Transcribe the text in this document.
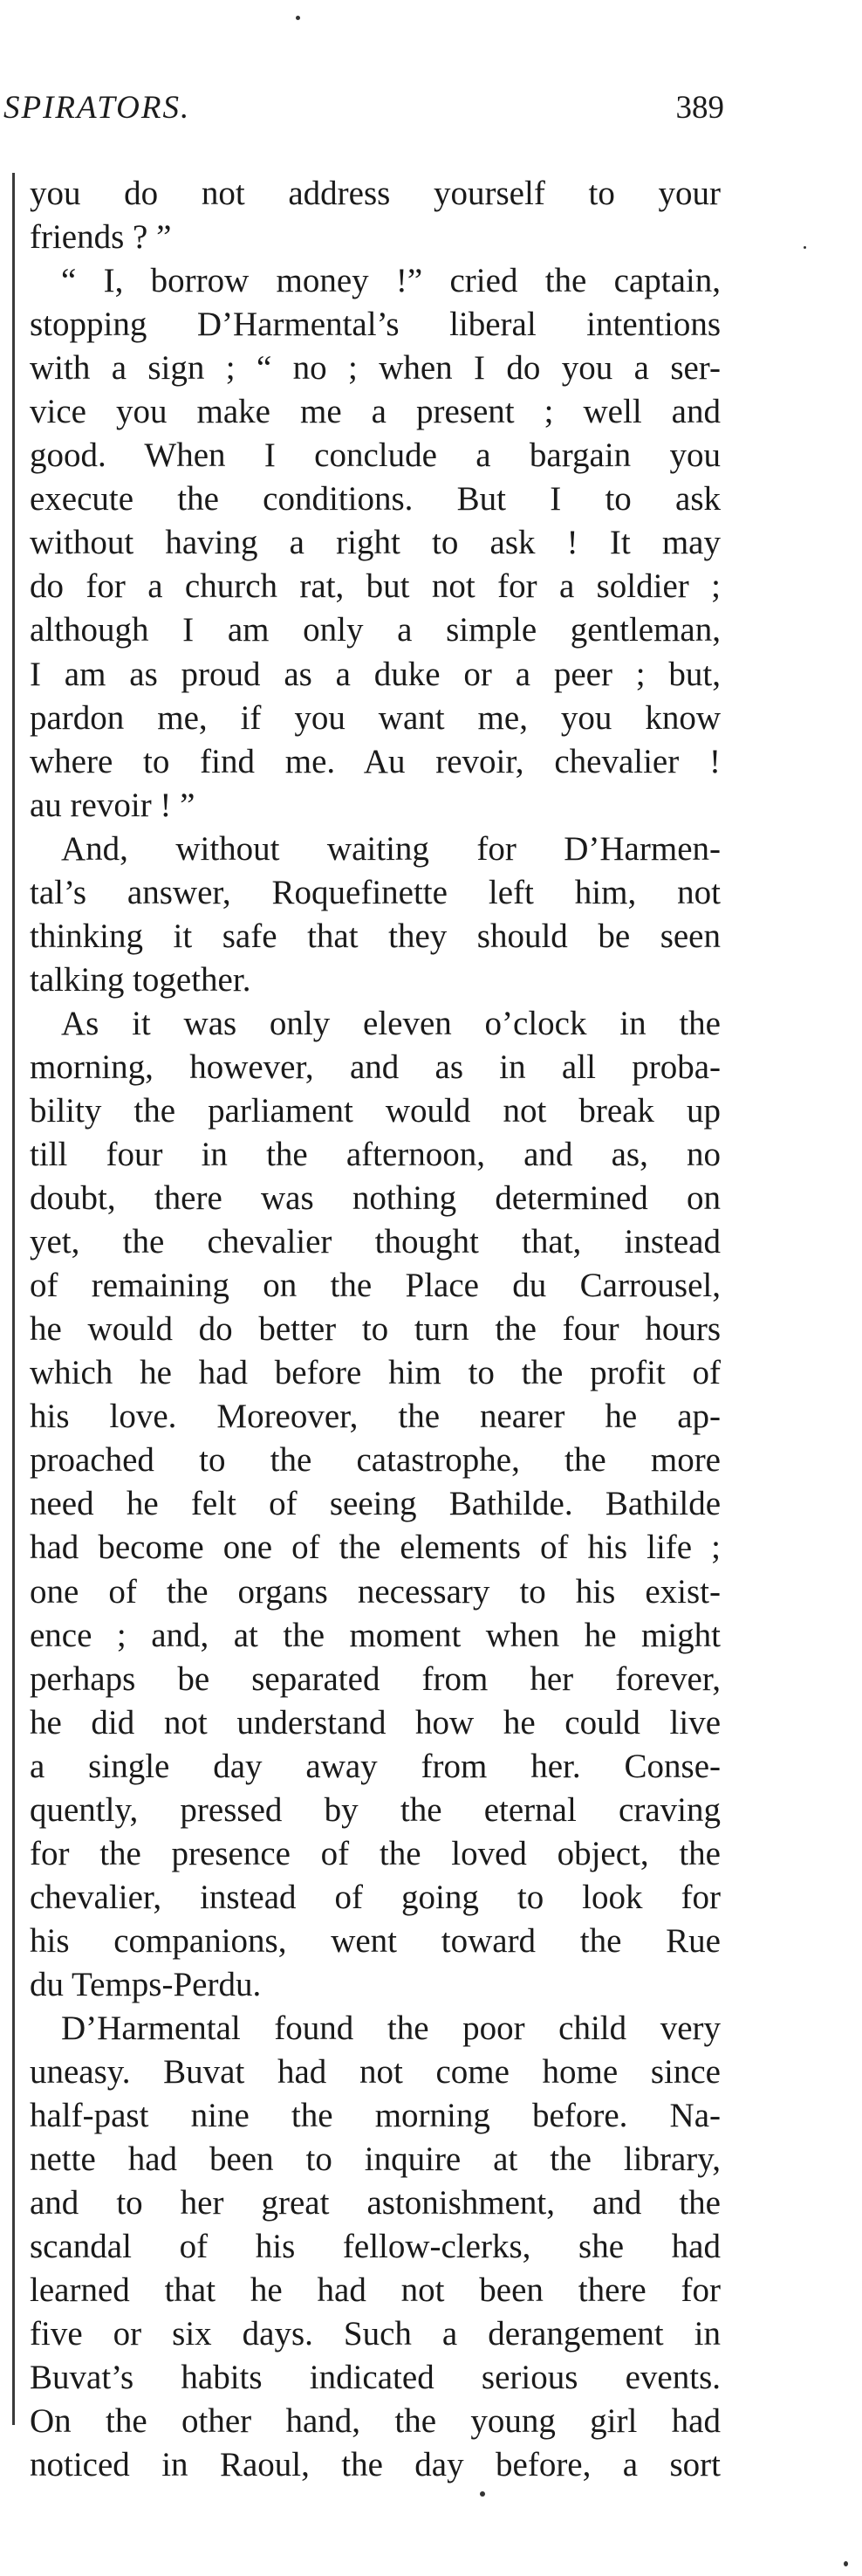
SPIRATORS.	389
you do not address yourself to your
friends ? ”
“ I, borrow money !” cried the captain,
stopping D’Harmental’s liberal intentions
with a sign ; “ no ; when I do you a ser-
vice you make me a present ; well and
good. When I conclude a bargain you
execute the conditions. But I to ask
without having a right to ask ! It may
do for a church rat, but not for a soldier ;
although I am only a simple gentleman,
I am as proud as a duke or a peer ; but,
pardon me, if you want me, you know
where to find me. Au revoir, chevalier !
au revoir ! ”
And, without waiting for D’Harmen-
tal’s answer, Roquefinette left him, not
thinking it safe that they should be seen
talking together.
As it was only eleven o’clock in the
morning, however, and as in all proba-
bility the parliament would not break up
till four in the afternoon, and as, no
doubt, there was nothing determined on
yet, the chevalier thought that, instead
of remaining on the Place du Carrousel,
he would do better to turn the four hours
which he had before him to the profit of
his love. Moreover, the nearer he ap-
proached to the catastrophe, the more
need he felt of seeing Bathilde. Bathilde
had become one of the elements of his life ;
one of the organs necessary to his exist-
ence ; and, at the moment when he might
perhaps be separated from her forever,
he did not understand how he could live
a single day away from her. Conse-
quently, pressed by the eternal craving
for the presence of the loved object, the
chevalier, instead of going to look for
his companions, went toward the Rue
du Temps-Perdu.
D’Harmental found the poor child very
uneasy. Buvat had not come home since
half-past nine the morning before. Na-
nette had been to inquire at the library,
and to her great astonishment, and the
scandal of his fellow-clerks, she had
learned that he had not been there for
five or six days. Such a derangement in
Buvat’s habits indicated serious events.
On the other hand, the young girl had
noticed in Raoul, the day before, a sort
